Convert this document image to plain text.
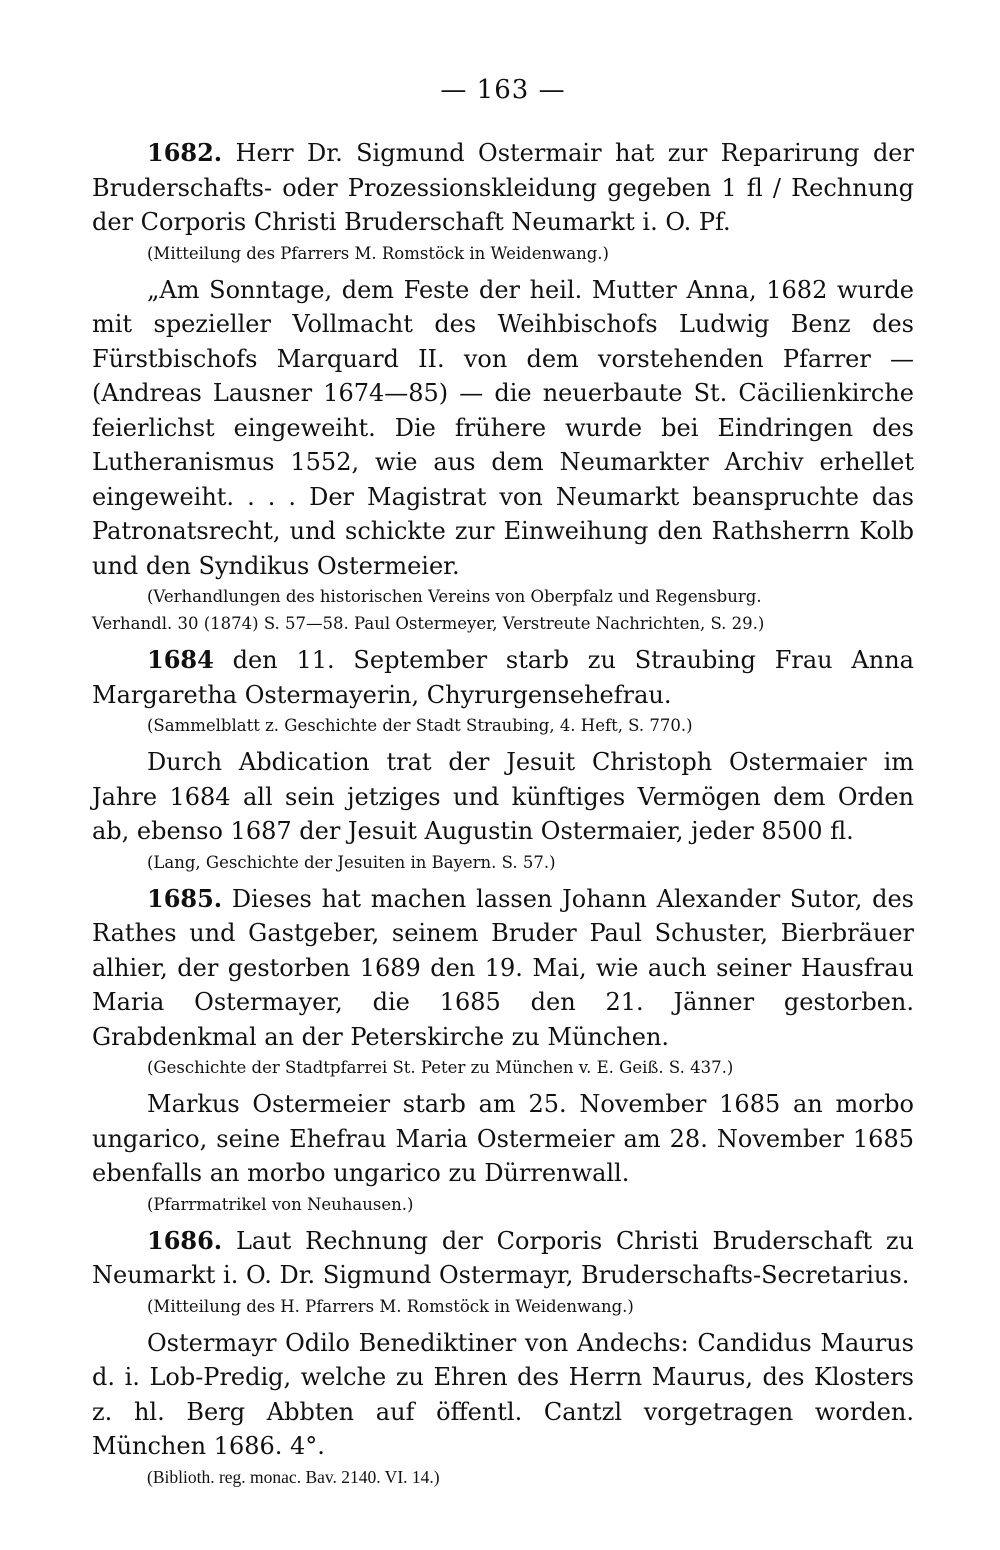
— 163 —

1682. Herr Dr. Sigmund Ostermair hat zur Reparirung der Bruderschafts- oder Prozessionskleidung gegeben 1 fl / Rechnung der Corporis Christi Bruderschaft Neumarkt i. O. Pf.

(Mitteilung des Pfarrers M. Romstöck in Weidenwang.)

„Am Sonntage, dem Feste der heil. Mutter Anna, 1682 wurde mit spezieller Vollmacht des Weihbischofs Ludwig Benz des Fürstbischofs Marquard II. von dem vorstehenden Pfarrer — (Andreas Lausner 1674—85) — die neuerbaute St. Cäcilienkirche feierlichst eingeweiht. Die frühere wurde bei Eindringen des Lutheranismus 1552, wie aus dem Neumarkter Archiv erhellet eingeweiht. . . . Der Magistrat von Neumarkt beanspruchte das Patronatsrecht, und schickte zur Einweihung den Rathsherrn Kolb und den Syndikus Ostermeier.

(Verhandlungen des historischen Vereins von Oberpfalz und Regensburg.

Verhandl. 30 (1874) S. 57—58. Paul Ostermeyer, Verstreute Nachrichten, S. 29.)

1684 den 11. September starb zu Straubing Frau Anna Margaretha Ostermayerin, Chyrurgensehefrau.

(Sammelblatt z. Geschichte der Stadt Straubing, 4. Heft, S. 770.)

Durch Abdication trat der Jesuit Christoph Ostermaier im Jahre 1684 all sein jetziges und künftiges Vermögen dem Orden ab, ebenso 1687 der Jesuit Augustin Ostermaier, jeder 8500 fl.

(Lang, Geschichte der Jesuiten in Bayern. S. 57.)

1685. Dieses hat machen lassen Johann Alexander Sutor, des Rathes und Gastgeber, seinem Bruder Paul Schuster, Bierbräuer alhier, der gestorben 1689 den 19. Mai, wie auch seiner Hausfrau Maria Ostermayer, die 1685 den 21. Jänner gestorben. Grabdenkmal an der Peterskirche zu München.

(Geschichte der Stadtpfarrei St. Peter zu München v. E. Geiß. S. 437.)

Markus Ostermeier starb am 25. November 1685 an morbo ungarico, seine Ehefrau Maria Ostermeier am 28. November 1685 ebenfalls an morbo ungarico zu Dürrenwall.

(Pfarrmatrikel von Neuhausen.)

1686. Laut Rechnung der Corporis Christi Bruderschaft zu Neumarkt i. O. Dr. Sigmund Ostermayr, Bruderschafts-Secretarius.

(Mitteilung des H. Pfarrers M. Romstöck in Weidenwang.)

Ostermayr Odilo Benediktiner von Andechs: Candidus Maurus d. i. Lob-Predig, welche zu Ehren des Herrn Maurus, des Klosters z. hl. Berg Abbten auf öffentl. Cantzl vorgetragen worden. München 1686. 4°.

(Biblioth. reg. monac. Bav. 2140. VI. 14.)
